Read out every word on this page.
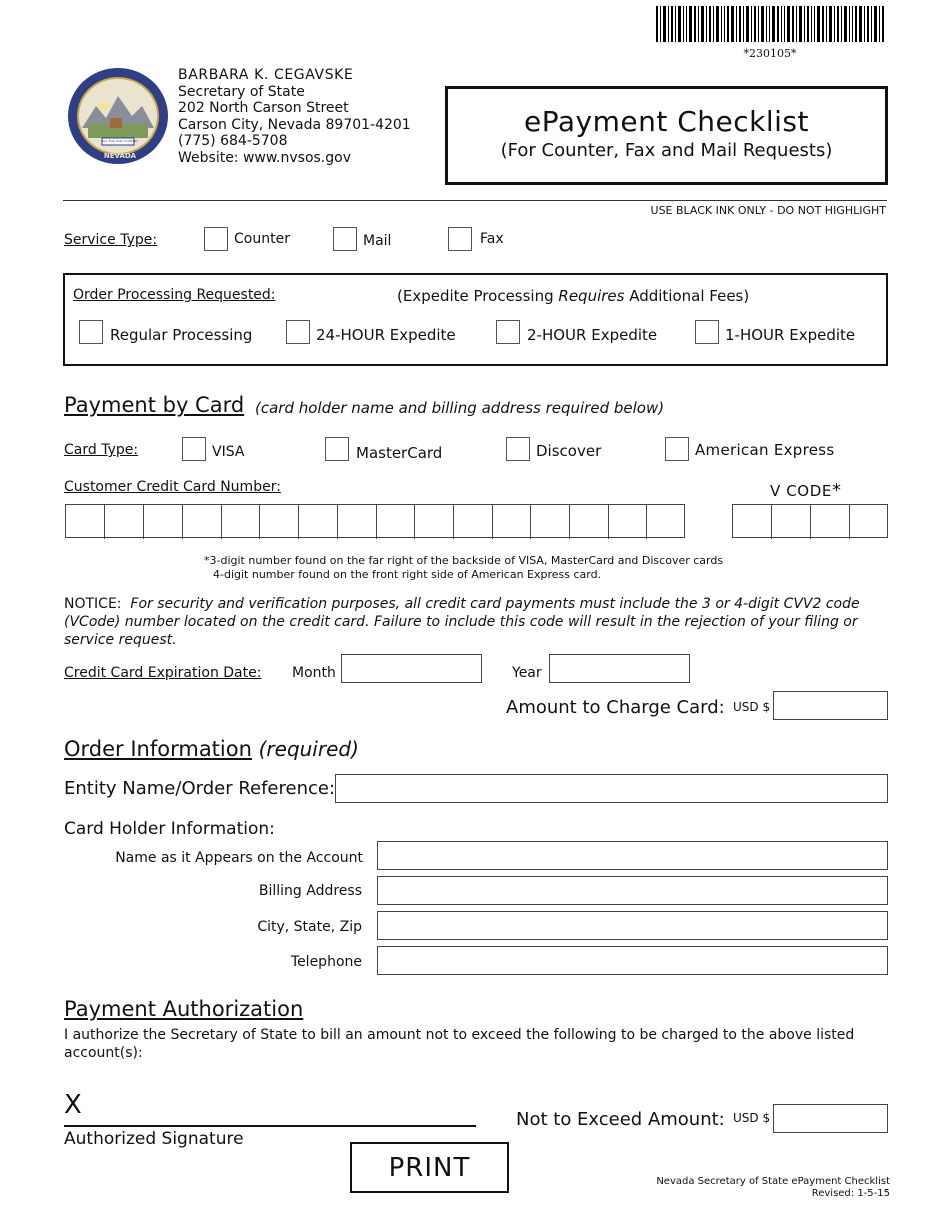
*230105*
NEVADA
ALL FOR OUR COUNTRY
BARBARA K. CEGAVSKE
Secretary of State
202 North Carson Street
Carson City, Nevada 89701-4201
(775) 684-5708
Website: www.nvsos.gov
ePayment Checklist
(For Counter, Fax and Mail Requests)
USE BLACK INK ONLY - DO NOT HIGHLIGHT
Service Type:	Counter	Mail	Fax
Order Processing Requested:	(Expedite Processing Requires Additional Fees)
Regular Processing	24-HOUR Expedite	2-HOUR Expedite	1-HOUR Expedite
Payment by Card (card holder name and billing address required below)
Card Type:	VISA	MasterCard	Discover	American Express
Customer Credit Card Number:	V CODE*
*3-digit number found on the far right of the backside of VISA, MasterCard and Discover cards
4-digit number found on the front right side of American Express card.
NOTICE: For security and verification purposes, all credit card payments must include the 3 or 4-digit CVV2 code (VCode) number located on the credit card. Failure to include this code will result in the rejection of your filing or service request.
Credit Card Expiration Date: Month	Year
Amount to Charge Card: USD $
Order Information (required)
Entity Name/Order Reference:
Card Holder Information:
Name as it Appears on the Account
Billing Address
City, State, Zip
Telephone
Payment Authorization
I authorize the Secretary of State to bill an amount not to exceed the following to be charged to the above listed account(s):
X
Authorized Signature
Not to Exceed Amount: USD $
PRINT	Nevada Secretary of State ePayment Checklist
Revised: 1-5-15
